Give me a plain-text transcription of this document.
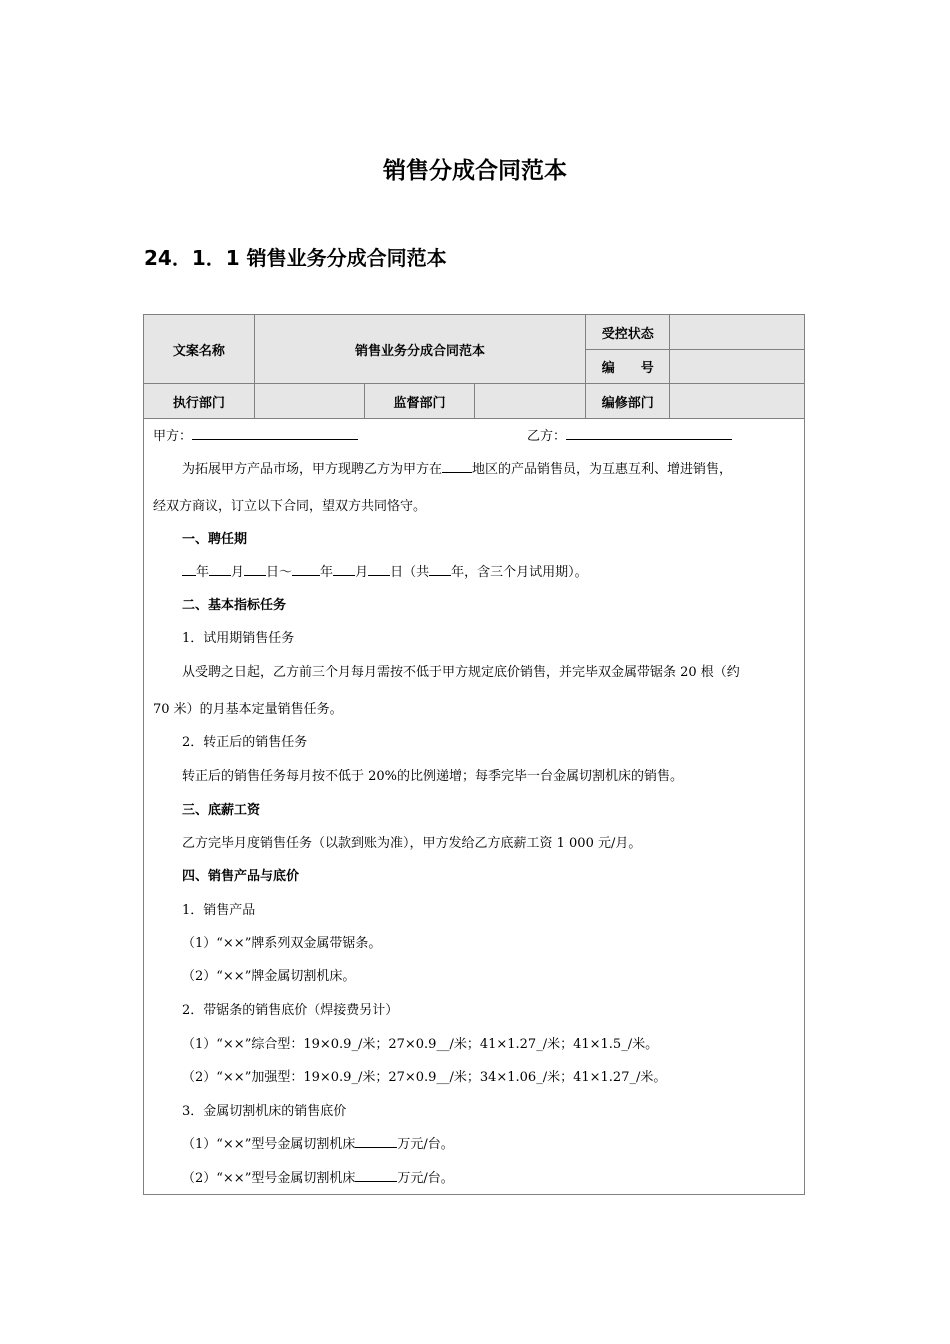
销售分成合同范本
24．1．1 销售业务分成合同范本
文案名称	销售业务分成合同范本			受控状态	
				编　　号	
执行部门		监督部门		编修部门	
甲方：	乙方：
为拓展甲方产品市场，甲方现聘乙方为甲方在 地区的产品销售员，为互惠互利、增进销售，
经双方商议，订立以下合同，望双方共同恪守。
一、聘任期
年 月 日～ 年 月 日（共 年，含三个月试用期）。
二、基本指标任务
1．试用期销售任务
从受聘之日起，乙方前三个月每月需按不低于甲方规定底价销售，并完毕双金属带锯条 20 根（约
70 米）的月基本定量销售任务。
2．转正后的销售任务
转正后的销售任务每月按不低于 20%的比例递增；每季完毕一台金属切割机床的销售。
三、底薪工资
乙方完毕月度销售任务（以款到账为准），甲方发给乙方底薪工资 1 000 元/月。
四、销售产品与底价
1．销售产品
（1）“××”牌系列双金属带锯条。
（2）“××”牌金属切割机床。
2．带锯条的销售底价（焊接费另计）
（1）“××”综合型：19×0.9_/米；27×0.9__/米；41×1.27_/米；41×1.5_/米。
（2）“××”加强型：19×0.9_/米；27×0.9__/米；34×1.06_/米；41×1.27_/米。
3．金属切割机床的销售底价
（1）“××”型号金属切割机床	万元/台。
（2）“××”型号金属切割机床	万元/台。
